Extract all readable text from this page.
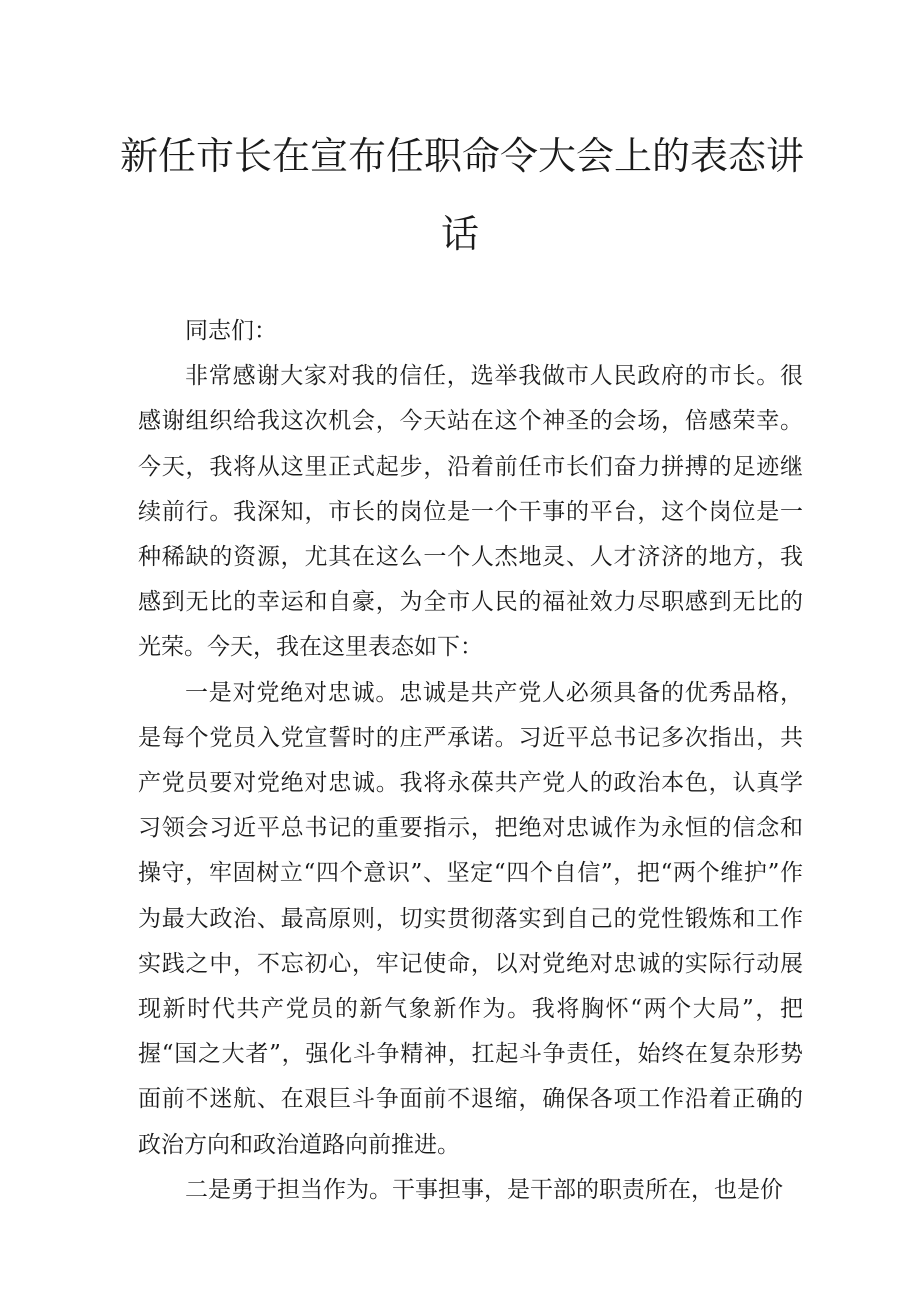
新任市长在宣布任职命令大会上的表态讲
话

同志们：

非常感谢大家对我的信任，选举我做市人民政府的市长。很感谢组织给我这次机会，今天站在这个神圣的会场，倍感荣幸。今天，我将从这里正式起步，沿着前任市长们奋力拼搏的足迹继续前行。我深知，市长的岗位是一个干事的平台，这个岗位是一种稀缺的资源，尤其在这么一个人杰地灵、人才济济的地方，我感到无比的幸运和自豪，为全市人民的福祉效力尽职感到无比的光荣。今天，我在这里表态如下：

一是对党绝对忠诚。忠诚是共产党人必须具备的优秀品格，是每个党员入党宣誓时的庄严承诺。习近平总书记多次指出，共产党员要对党绝对忠诚。我将永葆共产党人的政治本色，认真学习领会习近平总书记的重要指示，把绝对忠诚作为永恒的信念和操守，牢固树立“四个意识”、坚定“四个自信”，把“两个维护”作为最大政治、最高原则，切实贯彻落实到自己的党性锻炼和工作实践之中，不忘初心，牢记使命，以对党绝对忠诚的实际行动展现新时代共产党员的新气象新作为。我将胸怀“两个大局”，把握“国之大者”，强化斗争精神，扛起斗争责任，始终在复杂形势面前不迷航、在艰巨斗争面前不退缩，确保各项工作沿着正确的政治方向和政治道路向前推进。

二是勇于担当作为。干事担事，是干部的职责所在，也是价
